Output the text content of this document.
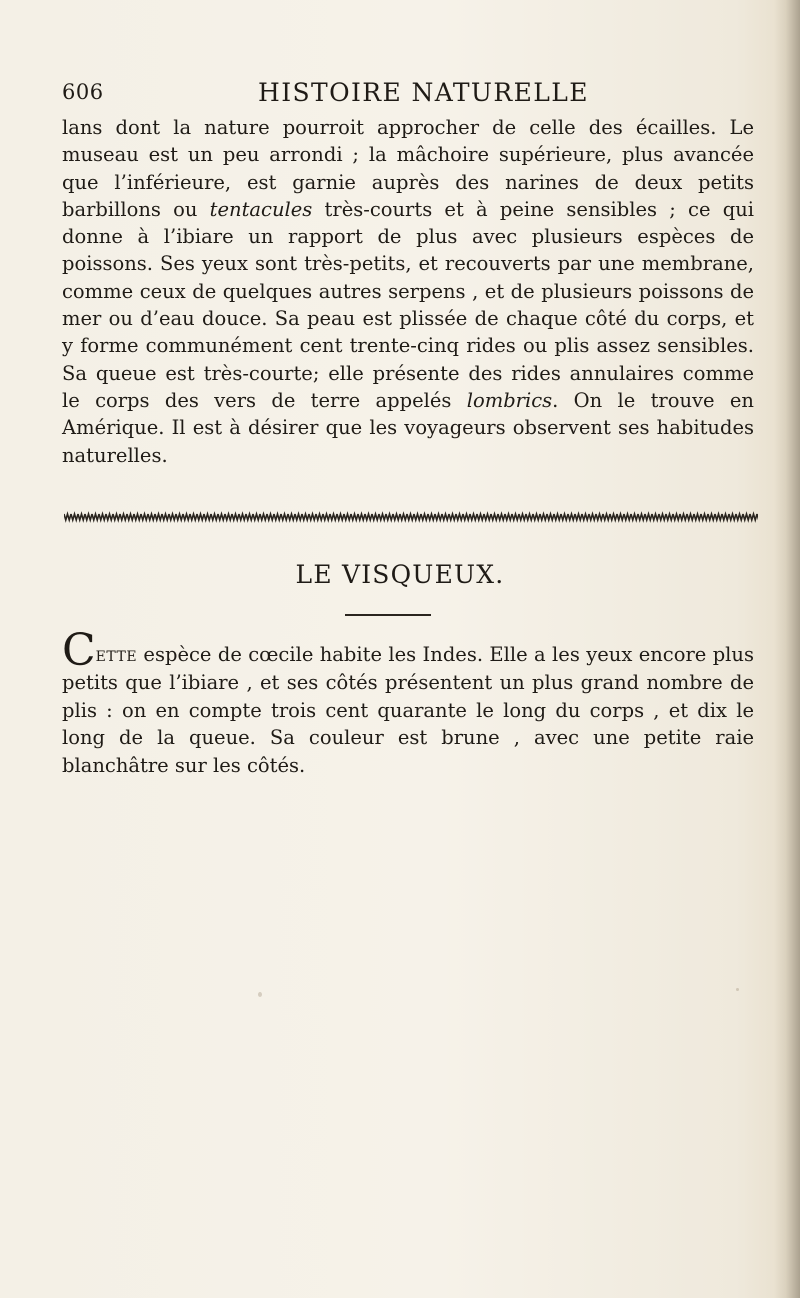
606	HISTOIRE NATURELLE
lans dont la nature pourroit approcher de celle des écailles. Le museau est un peu arrondi ; la mâchoire supérieure, plus avancée que l’inférieure, est garnie auprès des narines de deux petits barbillons ou tentacules très-courts et à peine sensibles ; ce qui donne à l’ibiare un rapport de plus avec plusieurs espèces de poissons. Ses yeux sont très-petits, et recouverts par une membrane, comme ceux de quelques autres serpens , et de plusieurs poissons de mer ou d’eau douce. Sa peau est plissée de chaque côté du corps, et y forme communément cent trente-cinq rides ou plis assez sensibles. Sa queue est très-courte; elle présente des rides annulaires comme le corps des vers de terre appelés lombrics. On le trouve en Amérique. Il est à désirer que les voyageurs observent ses habitudes naturelles.
LE VISQUEUX.
Cette espèce de cœcile habite les Indes. Elle a les yeux encore plus petits que l’ibiare , et ses côtés présentent un plus grand nombre de plis : on en compte trois cent quarante le long du corps , et dix le long de la queue. Sa couleur est brune , avec une petite raie blanchâtre sur les côtés.
